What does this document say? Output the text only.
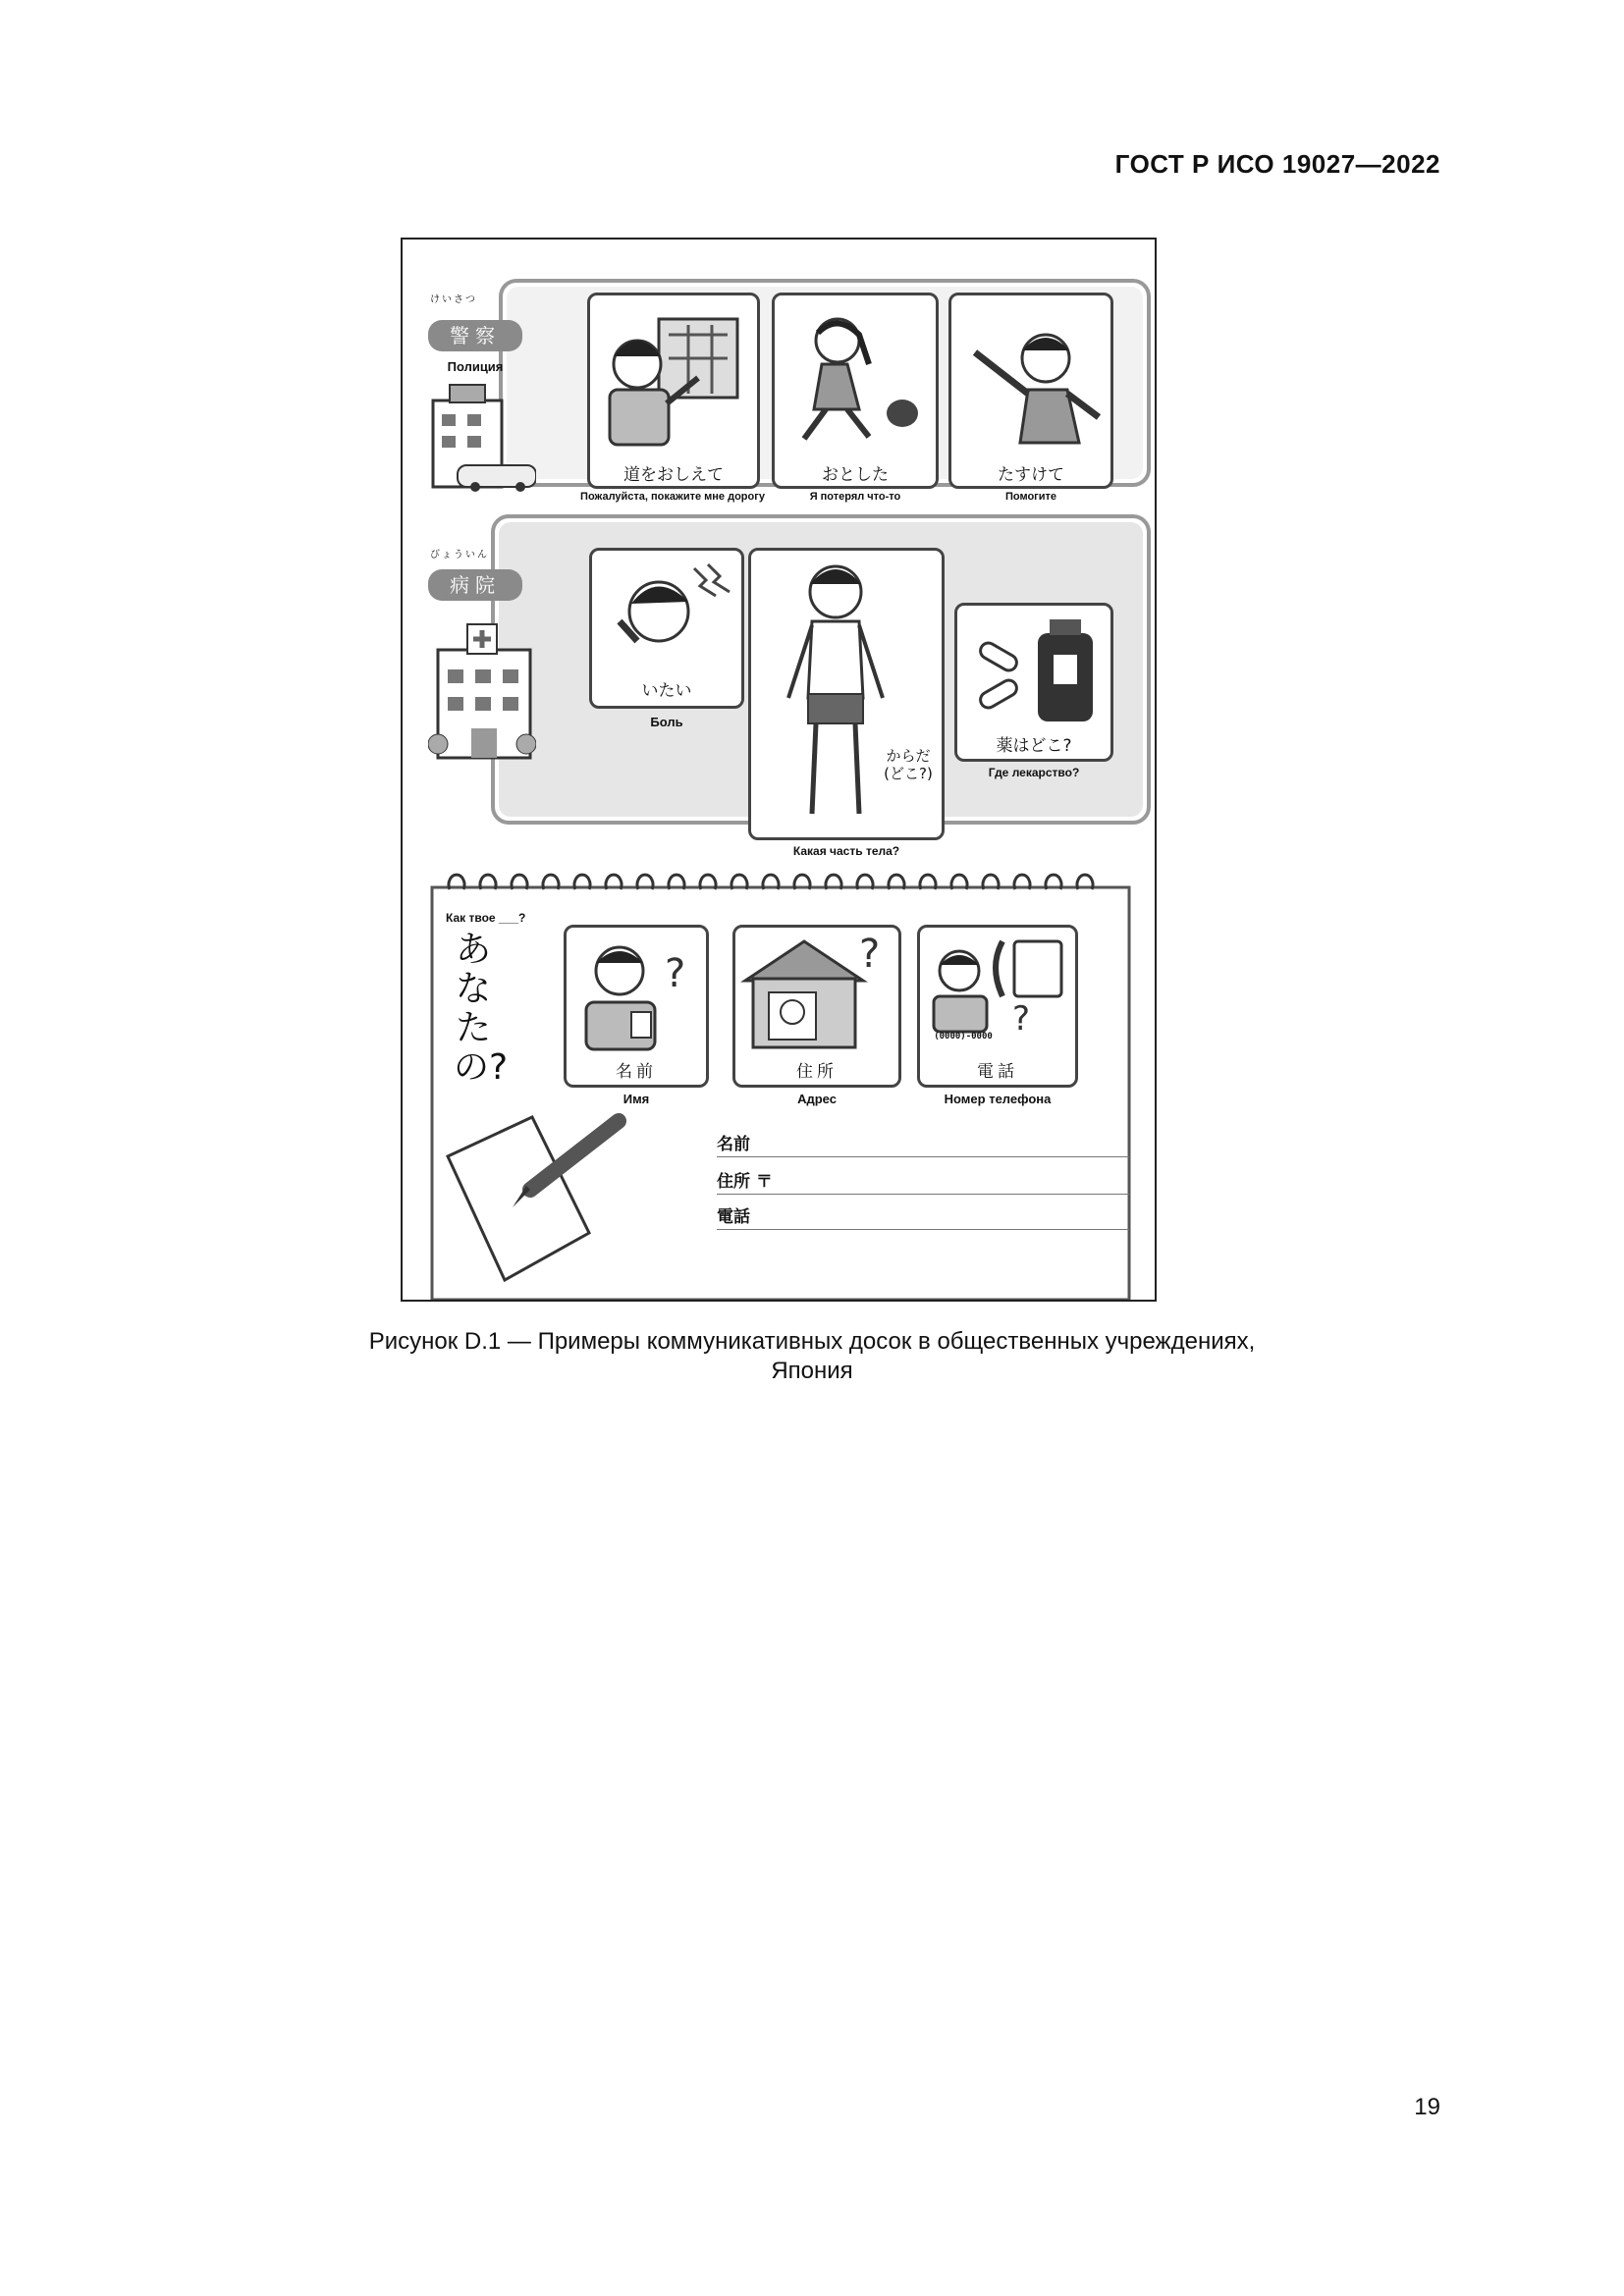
ГОСТ Р ИСО 19027—2022
けいさつ
警察
Полиция
道をおしえて
Пожалуйста, покажите мне дорогу
おとした
Я потерял что-то
たすけて
Помогите
びょういん
病院
いたい
Боль
からだ
(どこ?)
Какая часть тела?
薬はどこ?
Где лекарство?
Как твое ___?
あなたの?
?
名前
Имя
?
住所
Адрес
?
(0000)-0000
電話
Номер телефона
名前
住所 〒
電話
Рисунок D.1 — Примеры коммуникативных досок в общественных учреждениях,
Япония
19
